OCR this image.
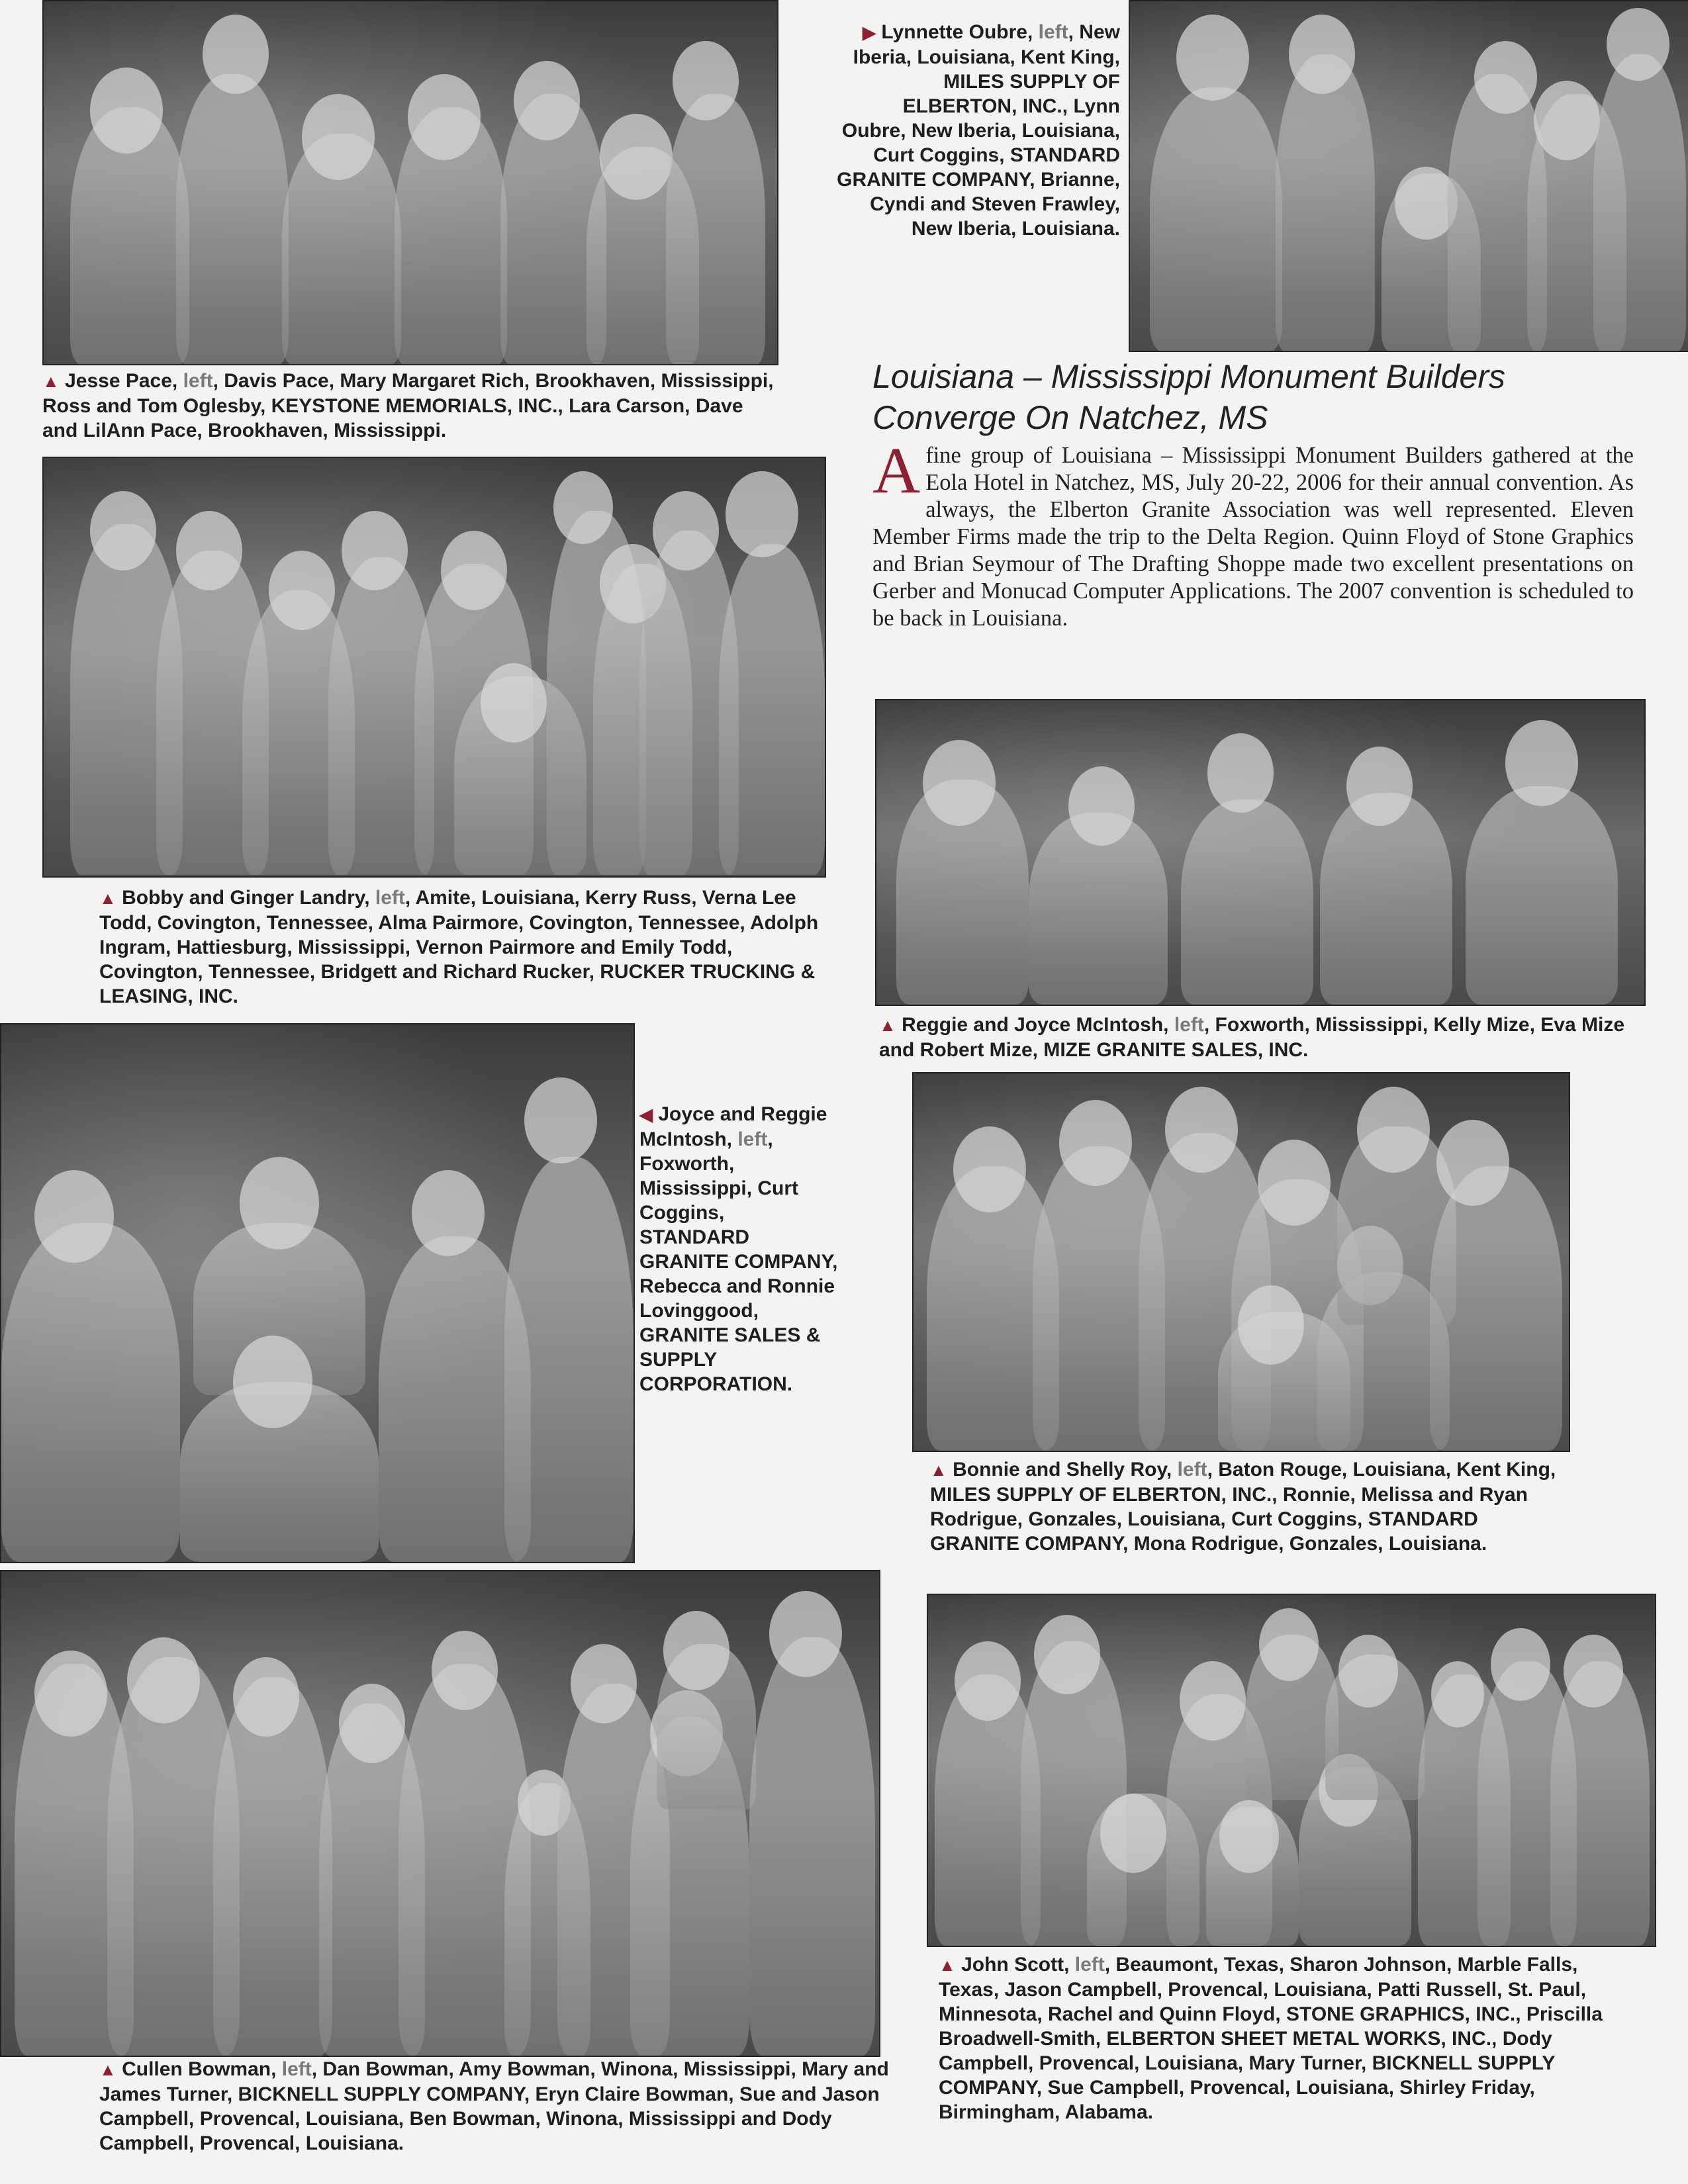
▲ Jesse Pace, left, Davis Pace, Mary Margaret Rich, Brookhaven, Mississippi, Ross and Tom Oglesby, KEYSTONE MEMORIALS, INC., Lara Carson, Dave and LilAnn Pace, Brookhaven, Mississippi.
▶ Lynnette Oubre, left, New Iberia, Louisiana, Kent King, MILES SUPPLY OF ELBERTON, INC., Lynn Oubre, New Iberia, Louisiana, Curt Coggins, STANDARD GRANITE COMPANY, Brianne, Cyndi and Steven Frawley, New Iberia, Louisiana.
Louisiana – Mississippi Monument Builders Converge On Natchez, MS
A fine group of Louisiana – Mississippi Monument Builders gathered at the Eola Hotel in Natchez, MS, July 20-22, 2006 for their annual convention. As always, the Elberton Granite Association was well represented. Eleven Member Firms made the trip to the Delta Region. Quinn Floyd of Stone Graphics and Brian Seymour of The Drafting Shoppe made two excellent presentations on Gerber and Monucad Computer Applications. The 2007 convention is scheduled to be back in Louisiana.
▲ Bobby and Ginger Landry, left, Amite, Louisiana, Kerry Russ, Verna Lee Todd, Covington, Tennessee, Alma Pairmore, Covington, Tennessee, Adolph Ingram, Hattiesburg, Mississippi, Vernon Pairmore and Emily Todd, Covington, Tennessee, Bridgett and Richard Rucker, RUCKER TRUCKING & LEASING, INC.
▲ Reggie and Joyce McIntosh, left, Foxworth, Mississippi, Kelly Mize, Eva Mize and Robert Mize, MIZE GRANITE SALES, INC.
◀ Joyce and Reggie McIntosh, left, Foxworth, Mississippi, Curt Coggins, STANDARD GRANITE COMPANY, Rebecca and Ronnie Lovinggood, GRANITE SALES & SUPPLY CORPORATION.
▲ Bonnie and Shelly Roy, left, Baton Rouge, Louisiana, Kent King, MILES SUPPLY OF ELBERTON, INC., Ronnie, Melissa and Ryan Rodrigue, Gonzales, Louisiana, Curt Coggins, STANDARD GRANITE COMPANY, Mona Rodrigue, Gonzales, Louisiana.
▲ Cullen Bowman, left, Dan Bowman, Amy Bowman, Winona, Mississippi, Mary and James Turner, BICKNELL SUPPLY COMPANY, Eryn Claire Bowman, Sue and Jason Campbell, Provencal, Louisiana, Ben Bowman, Winona, Mississippi and Dody Campbell, Provencal, Louisiana.
▲ John Scott, left, Beaumont, Texas, Sharon Johnson, Marble Falls, Texas, Jason Campbell, Provencal, Louisiana, Patti Russell, St. Paul, Minnesota, Rachel and Quinn Floyd, STONE GRAPHICS, INC., Priscilla Broadwell-Smith, ELBERTON SHEET METAL WORKS, INC., Dody Campbell, Provencal, Louisiana, Mary Turner, BICKNELL SUPPLY COMPANY, Sue Campbell, Provencal, Louisiana, Shirley Friday, Birmingham, Alabama.
